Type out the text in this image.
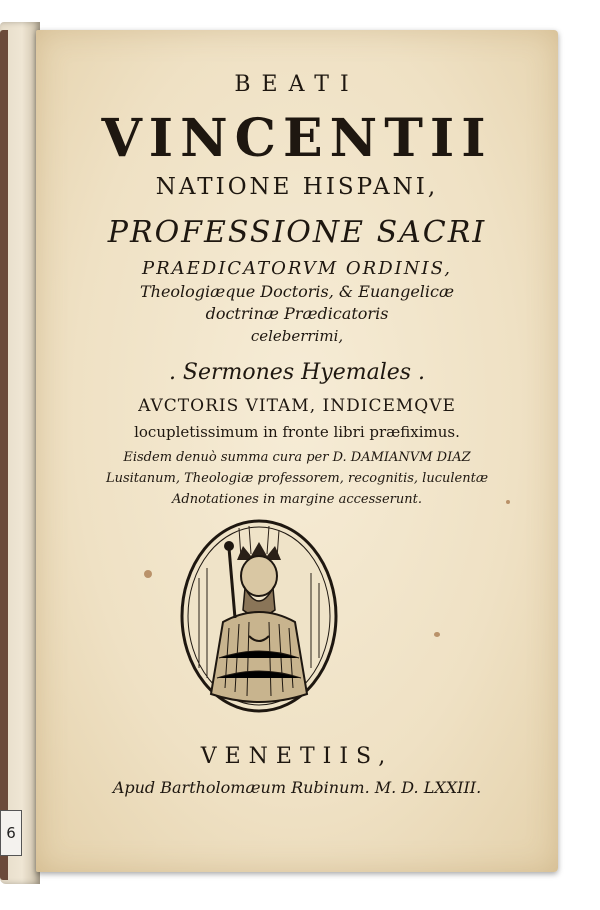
6
BEATI
VINCENTII
NATIONE HISPANI,
PROFESSIONE SACRI
PRAEDICATORVM ORDINIS,
Theologiæque Doctoris, & Euangelicæ
doctrinæ Prædicatoris
celeberrimi,
. Sermones Hyemales .
AVCTORIS VITAM, INDICEMQVE
locupletissimum in fronte libri præfiximus.
Eisdem denuò summa cura per D. DAMIANVM DIAZ
Lusitanum, Theologiæ professorem, recognitis, luculentæ
Adnotationes in margine accesserunt.
VENETIIS,
Apud Bartholomæum Rubinum. M. D. LXXIII.
